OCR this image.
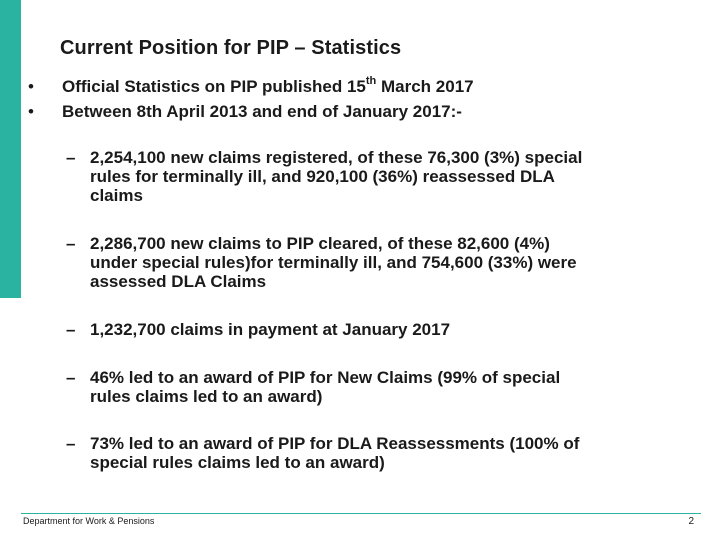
Current Position for PIP – Statistics
•	Official Statistics on PIP published 15th March 2017
•	Between 8th April 2013 and end of January 2017:-
– 2,254,100 new claims registered, of these 76,300 (3%) special
rules for terminally ill, and 920,100 (36%) reassessed DLA
claims
– 2,286,700 new claims to PIP cleared, of these 82,600 (4%)
under special rules)for terminally ill, and 754,600 (33%) were
assessed DLA Claims
– 1,232,700 claims in payment at January 2017
– 46% led to an award of PIP for New Claims (99% of special
rules claims led to an award)
– 73% led to an award of PIP for DLA Reassessments (100% of
special rules claims led to an award)
Department for Work & Pensions	2
